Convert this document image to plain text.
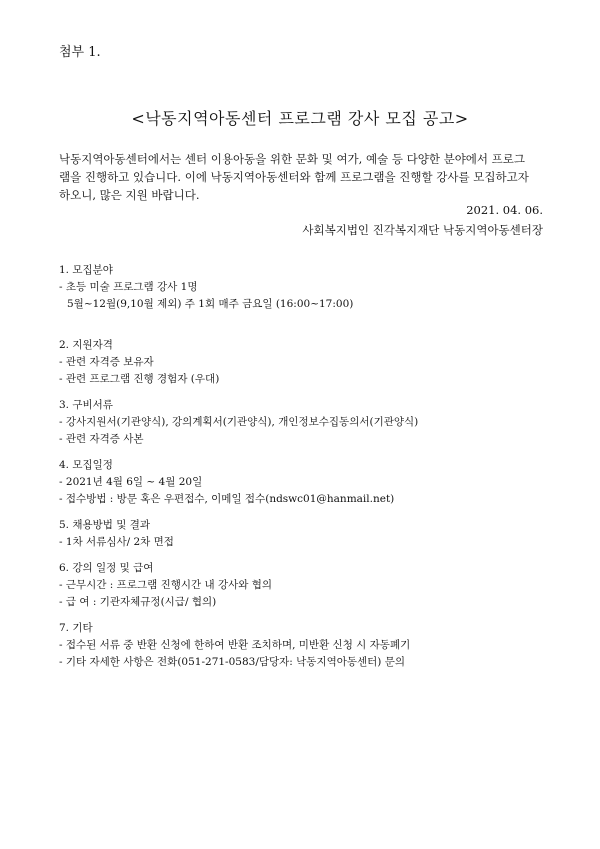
첨부 1.
<낙동지역아동센터 프로그램 강사 모집 공고>

낙동지역아동센터에서는 센터 이용아동을 위한 문화 및 여가, 예술 등 다양한 분야에서 프로그

램을 진행하고 있습니다. 이에 낙동지역아동센터와 함께 프로그램을 진행할 강사를 모집하고자

하오니, 많은 지원 바랍니다.

2021. 04. 06.
사회복지법인 진각복지재단 낙동지역아동센터장
1. 모집분야
- 초등 미술 프로그램 강사 1명
5월~12월(9,10월 제외) 주 1회 매주 금요일 (16:00~17:00)
2. 지원자격
- 관련 자격증 보유자
- 관련 프로그램 진행 경험자 (우대)
3. 구비서류
- 강사지원서(기관양식), 강의계획서(기관양식), 개인정보수집동의서(기관양식)
- 관련 자격증 사본
4. 모집일정
- 2021년 4월 6일 ~ 4월 20일
- 접수방법 : 방문 혹은 우편접수, 이메일 접수(ndswc01@hanmail.net)
5. 채용방법 및 결과
- 1차 서류심사/ 2차 면접
6. 강의 일정 및 급여
- 근무시간 : 프로그램 진행시간 내 강사와 협의
- 급 여 : 기관자체규정(시급/ 협의)
7. 기타
- 접수된 서류 중 반환 신청에 한하여 반환 조치하며, 미반환 신청 시 자동폐기
- 기타 자세한 사항은 전화(051-271-0583/담당자: 낙동지역아동센터) 문의
